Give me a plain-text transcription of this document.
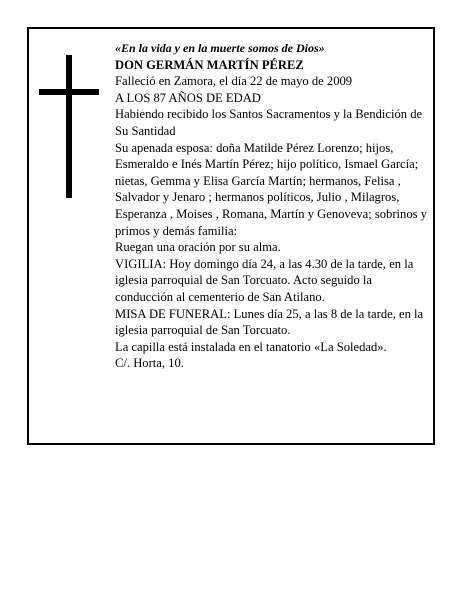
«En la vida y en la muerte somos de Dios»

DON GERMÁN MARTÍN PÉREZ

Falleció en Zamora, el día 22 de mayo de 2009

A LOS 87 AÑOS DE EDAD

Habiendo recibido los Santos Sacramentos y la Bendición de Su Santidad

Su apenada esposa: doña Matilde Pérez Lorenzo; hijos, Esmeraldo e Inés Martín Pérez; hijo político, Ismael García; nietas, Gemma y Elisa García Martín; hermanos, Felisa , Salvador y Jenaro ; hermanos políticos, Julio , Milagros, Esperanza , Moises , Romana, Martín y Genoveva; sobrinos y primos y demás familia:

Ruegan una oración por su alma.

VIGILIA: Hoy domingo día 24, a las 4.30 de la tarde, en la iglesia parroquial de San Torcuato. Acto seguido la conducción al cementerio de San Atilano.

MISA DE FUNERAL: Lunes día 25, a las 8 de la tarde, en la iglesia parroquial de San Torcuato.

La capilla está instalada en el tanatorio «La Soledad».

C/. Horta, 10.
